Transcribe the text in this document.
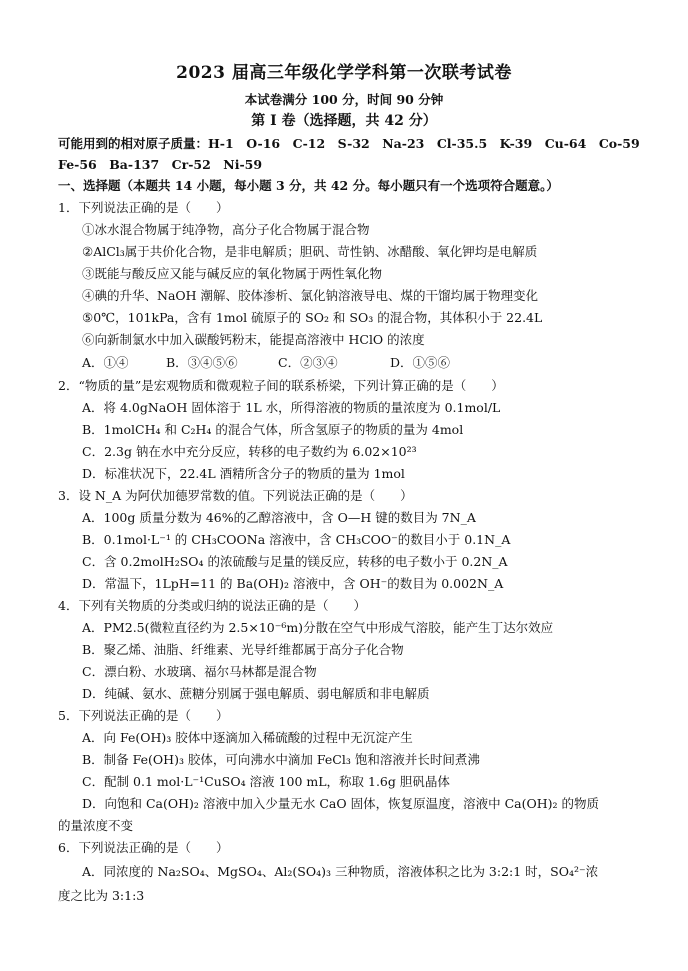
2023 届高三年级化学学科第一次联考试卷
本试卷满分 100 分，时间 90 分钟
第 I 卷（选择题，共 42 分）
可能用到的相对原子质量：H-1　O-16　C-12　S-32　Na-23　Cl-35.5　K-39　Cu-64　Co-59
Fe-56　Ba-137　Cr-52　Ni-59
一、选择题（本题共 14 小题，每小题 3 分，共 42 分。每小题只有一个选项符合题意。）
1．下列说法正确的是（　　）
①冰水混合物属于纯净物，高分子化合物属于混合物
②AlCl₃属于共价化合物，是非电解质；胆矾、苛性钠、冰醋酸、氧化钾均是电解质
③既能与酸反应又能与碱反应的氧化物属于两性氧化物
④碘的升华、NaOH 潮解、胶体渗析、氯化钠溶液导电、煤的干馏均属于物理变化
⑤0℃，101kPa，含有 1mol 硫原子的 SO₂ 和 SO₃ 的混合物，其体积小于 22.4L
⑥向新制氯水中加入碳酸钙粉末，能提高溶液中 HClO 的浓度
A．①④	B．③④⑤⑥	C．②③④	D．①⑤⑥
2．“物质的量”是宏观物质和微观粒子间的联系桥梁，下列计算正确的是（　　）
A．将 4.0gNaOH 固体溶于 1L 水，所得溶液的物质的量浓度为 0.1mol/L
B．1molCH₄ 和 C₂H₄ 的混合气体，所含氢原子的物质的量为 4mol
C．2.3g 钠在水中充分反应，转移的电子数约为 6.02×10²³
D．标准状况下，22.4L 酒精所含分子的物质的量为 1mol
3．设 N_A 为阿伏加德罗常数的值。下列说法正确的是（　　）
A．100g 质量分数为 46%的乙醇溶液中，含 O—H 键的数目为 7N_A
B．0.1mol·L⁻¹ 的 CH₃COONa 溶液中，含 CH₃COO⁻的数目小于 0.1N_A
C．含 0.2molH₂SO₄ 的浓硫酸与足量的镁反应，转移的电子数小于 0.2N_A
D．常温下，1LpH=11 的 Ba(OH)₂ 溶液中，含 OH⁻的数目为 0.002N_A
4．下列有关物质的分类或归纳的说法正确的是（　　）
A．PM2.5(微粒直径约为 2.5×10⁻⁶m)分散在空气中形成气溶胶，能产生丁达尔效应
B．聚乙烯、油脂、纤维素、光导纤维都属于高分子化合物
C．漂白粉、水玻璃、福尔马林都是混合物
D．纯碱、氨水、蔗糖分别属于强电解质、弱电解质和非电解质
5．下列说法正确的是（　　）
A．向 Fe(OH)₃ 胶体中逐滴加入稀硫酸的过程中无沉淀产生
B．制备 Fe(OH)₃ 胶体，可向沸水中滴加 FeCl₃ 饱和溶液并长时间煮沸
C．配制 0.1 mol·L⁻¹CuSO₄ 溶液 100 mL，称取 1.6g 胆矾晶体
D．向饱和 Ca(OH)₂ 溶液中加入少量无水 CaO 固体，恢复原温度，溶液中 Ca(OH)₂ 的物质
的量浓度不变
6．下列说法正确的是（　　）
A．同浓度的 Na₂SO₄、MgSO₄、Al₂(SO₄)₃ 三种物质，溶液体积之比为 3:2:1 时，SO₄²⁻浓
度之比为 3:1:3
